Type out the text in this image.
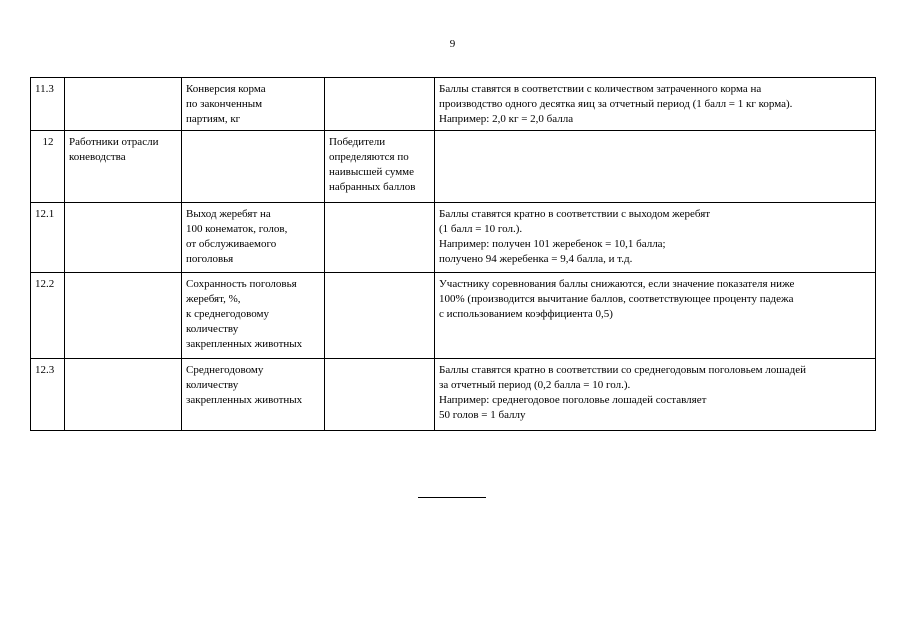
9
11.3		Конверсия корма
по законченным
партиям, кг		Баллы ставятся в соответствии с количеством затраченного корма на
производство одного десятка яиц за отчетный период (1 балл = 1 кг корма).
Например: 2,0 кг = 2,0 балла
12	Работники отрасли
коневодства		Победители
определяются по
наивысшей сумме
набранных баллов	
12.1		Выход жеребят на
100 конематок, голов,
от обслуживаемого
поголовья		Баллы ставятся кратно в соответствии с выходом жеребят
(1 балл = 10 гол.).
Например: получен 101 жеребенок = 10,1 балла;
получено 94 жеребенка = 9,4 балла, и т.д.
12.2		Сохранность поголовья
жеребят, %,
к среднегодовому
количеству
закрепленных животных		Участнику соревнования баллы снижаются, если значение показателя ниже
100% (производится вычитание баллов, соответствующее проценту падежа
с использованием коэффициента 0,5)
12.3		Среднегодовому
количеству
закрепленных животных		Баллы ставятся кратно в соответствии со среднегодовым поголовьем лошадей
за отчетный период (0,2 балла = 10 гол.).
Например: среднегодовое поголовье лошадей составляет
50 голов = 1 баллу
